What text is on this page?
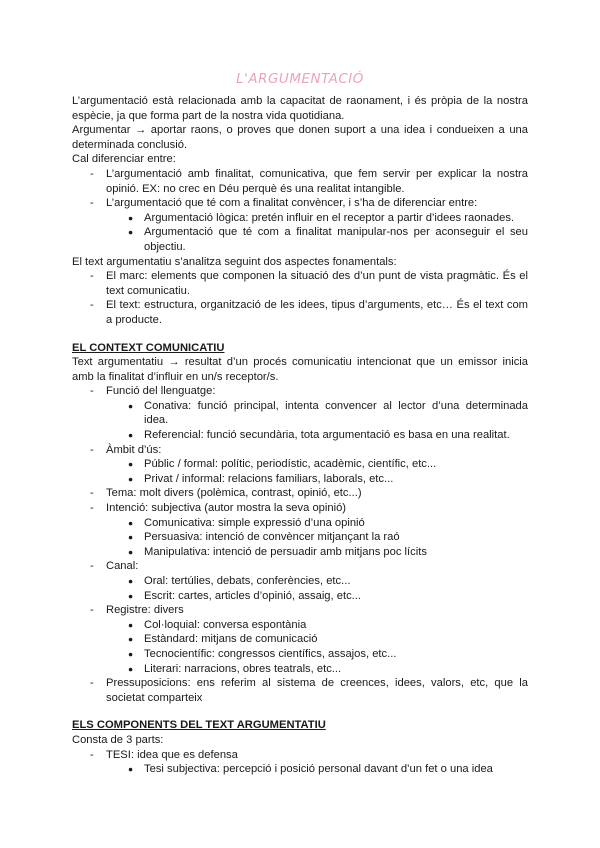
L'ARGUMENTACIÓ

L’argumentació està relacionada amb la capacitat de raonament, i és pròpia de la nostra espècie, ja que forma part de la nostra vida quotidiana.

Argumentar → aportar raons, o proves que donen suport a una idea i condueixen a una determinada conclusió.

Cal diferenciar entre:

- L’argumentació amb finalitat, comunicativa, que fem servir per explicar la nostra opinió. EX: no crec en Déu perquè és una realitat intangible.
- L’argumentació que té com a finalitat convèncer, i s’ha de diferenciar entre:
● Argumentació lògica: pretén influir en el receptor a partir d’idees raonades.
● Argumentació que té com a finalitat manipular-nos per aconseguir el seu objectiu.

El text argumentatiu s’analitza seguint dos aspectes fonamentals:

- El marc: elements que componen la situació des d’un punt de vista pragmàtic. És el text comunicatiu.
- El text: estructura, organització de les idees, tipus d’arguments, etc… És el text com a producte.

EL CONTEXT COMUNICATIU

Text argumentatiu → resultat d’un procés comunicatiu intencionat que un emissor inicia amb la finalitat d’influir en un/s receptor/s.

- Funció del llenguatge:
● Conativa: funció principal, intenta convencer al lector d’una determinada idea.
● Referencial: funció secundària, tota argumentació es basa en una realitat.
- Àmbit d’ús:
● Públic / formal: polític, periodístic, acadèmic, científic, etc...
● Privat / informal: relacions familiars, laborals, etc...
- Tema: molt divers (polèmica, contrast, opinió, etc...)
- Intenció: subjectiva (autor mostra la seva opinió)
● Comunicativa: simple expressió d’una opinió
● Persuasiva: intenció de convèncer mitjançant la raó
● Manipulativa: intenció de persuadir amb mitjans poc lícits
- Canal:
● Oral: tertúlies, debats, conferències, etc...
● Escrit: cartes, articles d’opinió, assaig, etc...
- Registre: divers
● Col·loquial: conversa espontània
● Estàndard: mitjans de comunicació
● Tecnocientífic: congressos científics, assajos, etc...
● Literari: narracions, obres teatrals, etc...
- Pressuposicions: ens referim al sistema de creences, idees, valors, etc, que la societat comparteix

ELS COMPONENTS DEL TEXT ARGUMENTATIU

Consta de 3 parts:

- TESI: idea que es defensa
● Tesi subjectiva: percepció i posició personal davant d’un fet o una idea
